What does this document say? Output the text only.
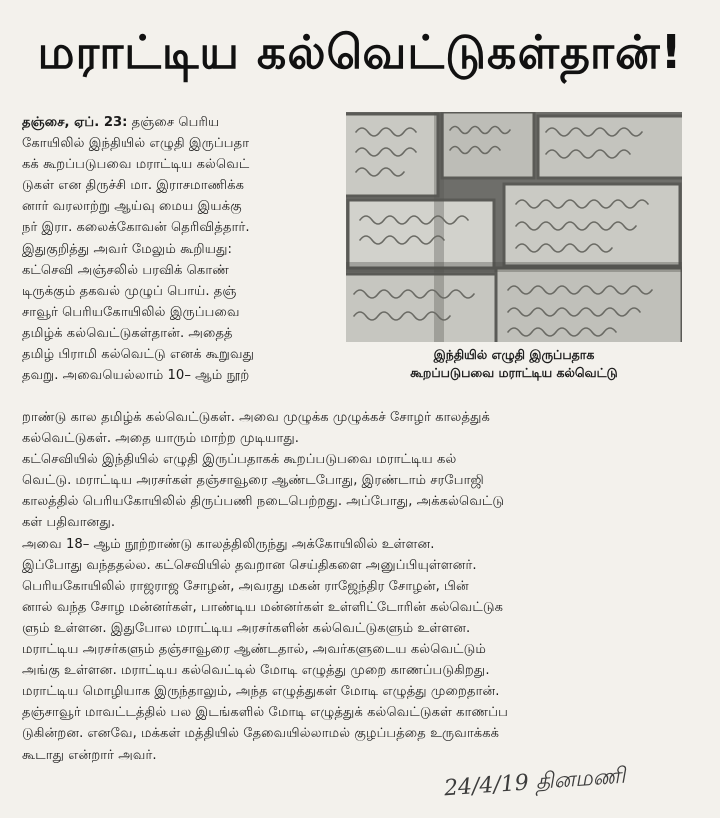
மராட்டிய கல்வெட்டுகள்தான்!
இந்தியில் எழுதி இருப்பதாக
கூறப்படுபவை மராட்டிய கல்வெட்டு
தஞ்சை, ஏப். 23: தஞ்சை பெரிய
கோயிலில் இந்தியில் எழுதி இருப்பதா
கக் கூறப்படுபவை மராட்டிய கல்வெட்
டுகள் என திருச்சி மா. இராசமாணிக்க
னார் வரலாற்று ஆய்வு மைய இயக்கு
நர் இரா. கலைக்கோவன் தெரிவித்தார்.
இதுகுறித்து அவர் மேலும் கூறியது:
கட்செவி அஞ்சலில் பரவிக் கொண்
டிருக்கும் தகவல் முழுப் பொய். தஞ்
சாவூர் பெரியகோயிலில் இருப்பவை
தமிழ்க் கல்வெட்டுகள்தான். அதைத்
தமிழ் பிராமி கல்வெட்டு எனக் கூறுவது
தவறு. அவையெல்லாம் 10– ஆம் நூற்
றாண்டு கால தமிழ்க் கல்வெட்டுகள். அவை முழுக்க முழுக்கச் சோழர் காலத்துக்
கல்வெட்டுகள். அதை யாரும் மாற்ற முடியாது.
கட்செவியில் இந்தியில் எழுதி இருப்பதாகக் கூறப்படுபவை மராட்டிய கல்
வெட்டு. மராட்டிய அரசர்கள் தஞ்சாவூரை ஆண்டபோது, இரண்டாம் சரபோஜி
காலத்தில் பெரியகோயிலில் திருப்பணி நடைபெற்றது. அப்போது, அக்கல்வெட்டு
கள் பதிவானது.
அவை 18– ஆம் நூற்றாண்டு காலத்திலிருந்து அக்கோயிலில் உள்ளன.
இப்போது வந்ததல்ல. கட்செவியில் தவறான செய்திகளை அனுப்பியுள்ளனர்.
பெரியகோயிலில் ராஜராஜ சோழன், அவரது மகன் ராஜேந்திர சோழன், பின்
னால் வந்த சோழ மன்னர்கள், பாண்டிய மன்னர்கள் உள்ளிட்டோரின் கல்வெட்டுக
ளும் உள்ளன. இதுபோல மராட்டிய அரசர்களின் கல்வெட்டுகளும் உள்ளன.
மராட்டிய அரசர்களும் தஞ்சாவூரை ஆண்டதால், அவர்களுடைய கல்வெட்டும்
அங்கு உள்ளன. மராட்டிய கல்வெட்டில் மோடி எழுத்து முறை காணப்படுகிறது.
மராட்டிய மொழியாக இருந்தாலும், அந்த எழுத்துகள் மோடி எழுத்து முறைதான்.
தஞ்சாவூர் மாவட்டத்தில் பல இடங்களில் மோடி எழுத்துக் கல்வெட்டுகள் காணப்ப
டுகின்றன. எனவே, மக்கள் மத்தியில் தேவையில்லாமல் குழப்பத்தை உருவாக்கக்
கூடாது என்றார் அவர்.
24/4/19 தினமணி
